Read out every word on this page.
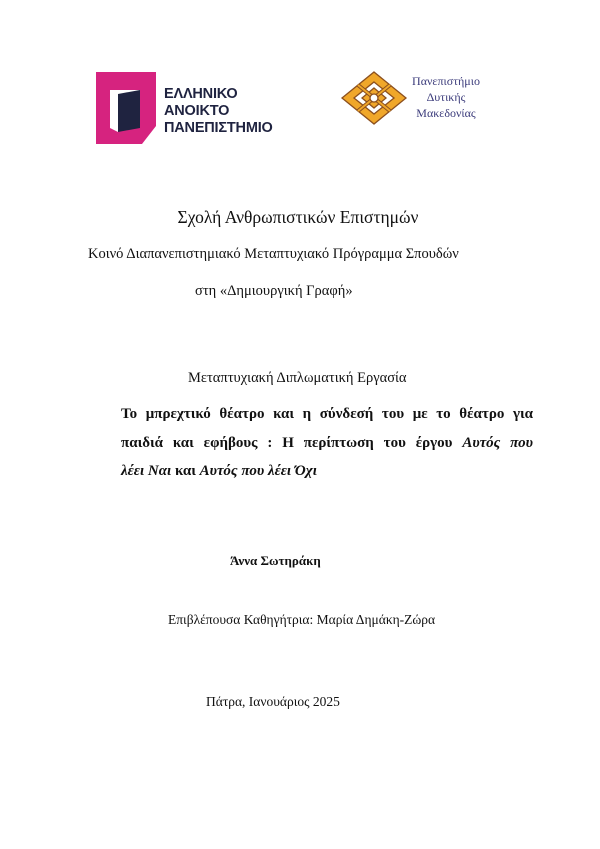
ΕΛΛΗΝΙΚΟ
ΑΝΟΙΚΤΟ
ΠΑΝΕΠΙΣΤΗΜΙΟ
Πανεπιστήμιο
Δυτικής
Μακεδονίας
Σχολή Ανθρωπιστικών Επιστημών
Κοινό Διαπανεπιστημιακό Μεταπτυχιακό Πρόγραμμα Σπουδών
στη «Δημιουργική Γραφή»
Μεταπτυχιακή Διπλωματική Εργασία
Το μπρεχτικό θέατρο και η σύνδεσή του με το θέατρο για
παιδιά και εφήβους : Η περίπτωση του έργου Αυτός που
λέει Ναι και Αυτός που λέει Όχι
Άννα Σωτηράκη
Επιβλέπουσα Καθηγήτρια: Μαρία Δημάκη-Ζώρα
Πάτρα, Ιανουάριος 2025
